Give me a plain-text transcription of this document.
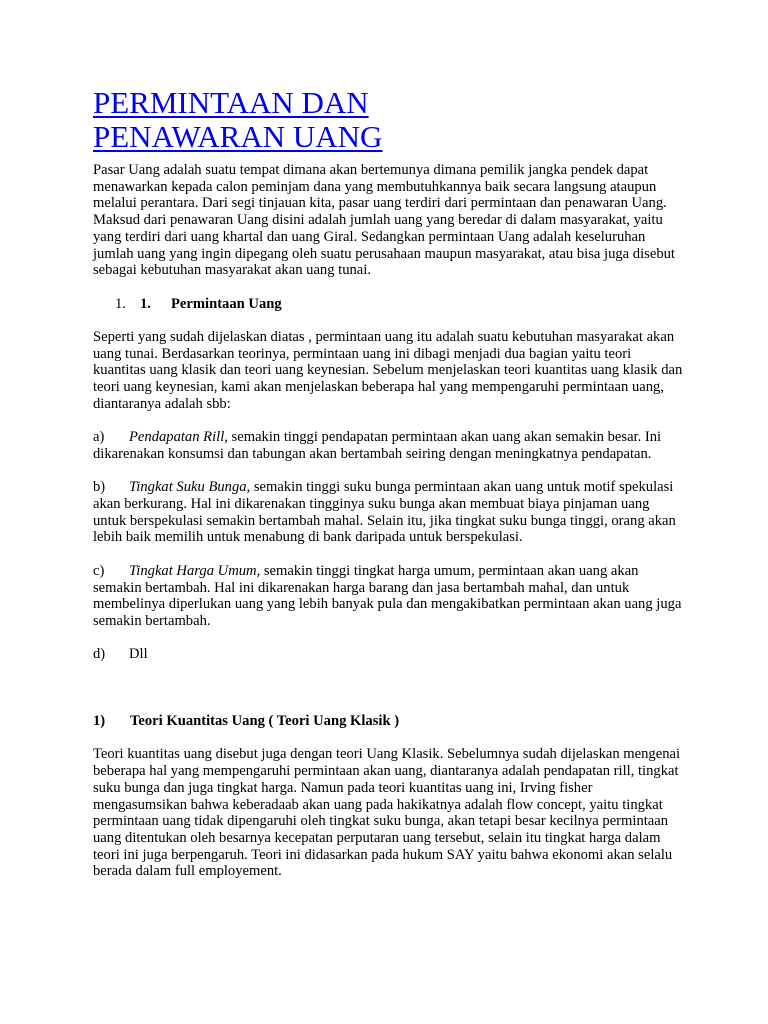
PERMINTAAN DAN
PENAWARAN UANG

Pasar Uang adalah suatu tempat dimana akan bertemunya dimana pemilik jangka pendek dapat menawarkan kepada calon peminjam dana yang membutuhkannya baik secara langsung ataupun melalui perantara. Dari segi tinjauan kita, pasar uang terdiri dari permintaan dan penawaran Uang. Maksud dari penawaran Uang disini adalah jumlah uang yang beredar di dalam masyarakat, yaitu yang terdiri dari uang khartal dan uang Giral. Sedangkan permintaan Uang adalah keseluruhan jumlah uang yang ingin dipegang oleh suatu perusahaan maupun masyarakat, atau bisa juga disebut sebagai kebutuhan masyarakat akan uang tunai.

1. 1. Permintaan Uang

Seperti yang sudah dijelaskan diatas , permintaan uang itu adalah suatu kebutuhan masyarakat akan uang tunai. Berdasarkan teorinya, permintaan uang ini dibagi menjadi dua bagian yaitu teori kuantitas uang klasik dan teori uang keynesian. Sebelum menjelaskan teori kuantitas uang klasik dan teori uang keynesian, kami akan menjelaskan beberapa hal yang mempengaruhi permintaan uang, diantaranya adalah sbb:

a) Pendapatan Rill, semakin tinggi pendapatan permintaan akan uang akan semakin besar. Ini dikarenakan konsumsi dan tabungan akan bertambah seiring dengan meningkatnya pendapatan.

b) Tingkat Suku Bunga, semakin tinggi suku bunga permintaan akan uang untuk motif spekulasi akan berkurang. Hal ini dikarenakan tingginya suku bunga akan membuat biaya pinjaman uang untuk berspekulasi semakin bertambah mahal. Selain itu, jika tingkat suku bunga tinggi, orang akan lebih baik memilih untuk menabung di bank daripada untuk berspekulasi.

c) Tingkat Harga Umum, semakin tinggi tingkat harga umum, permintaan akan uang akan semakin bertambah. Hal ini dikarenakan harga barang dan jasa bertambah mahal, dan untuk membelinya diperlukan uang yang lebih banyak pula dan mengakibatkan permintaan akan uang juga semakin bertambah.

d) Dll

1) Teori Kuantitas Uang ( Teori Uang Klasik )

Teori kuantitas uang disebut juga dengan teori Uang Klasik. Sebelumnya sudah dijelaskan mengenai beberapa hal yang mempengaruhi permintaan akan uang, diantaranya adalah pendapatan rill, tingkat suku bunga dan juga tingkat harga. Namun pada teori kuantitas uang ini, Irving fisher mengasumsikan bahwa keberadaab akan uang pada hakikatnya adalah flow concept, yaitu tingkat permintaan uang tidak dipengaruhi oleh tingkat suku bunga, akan tetapi besar kecilnya permintaan uang ditentukan oleh besarnya kecepatan perputaran uang tersebut, selain itu tingkat harga dalam teori ini juga berpengaruh. Teori ini didasarkan pada hukum SAY yaitu bahwa ekonomi akan selalu berada dalam full employement.
